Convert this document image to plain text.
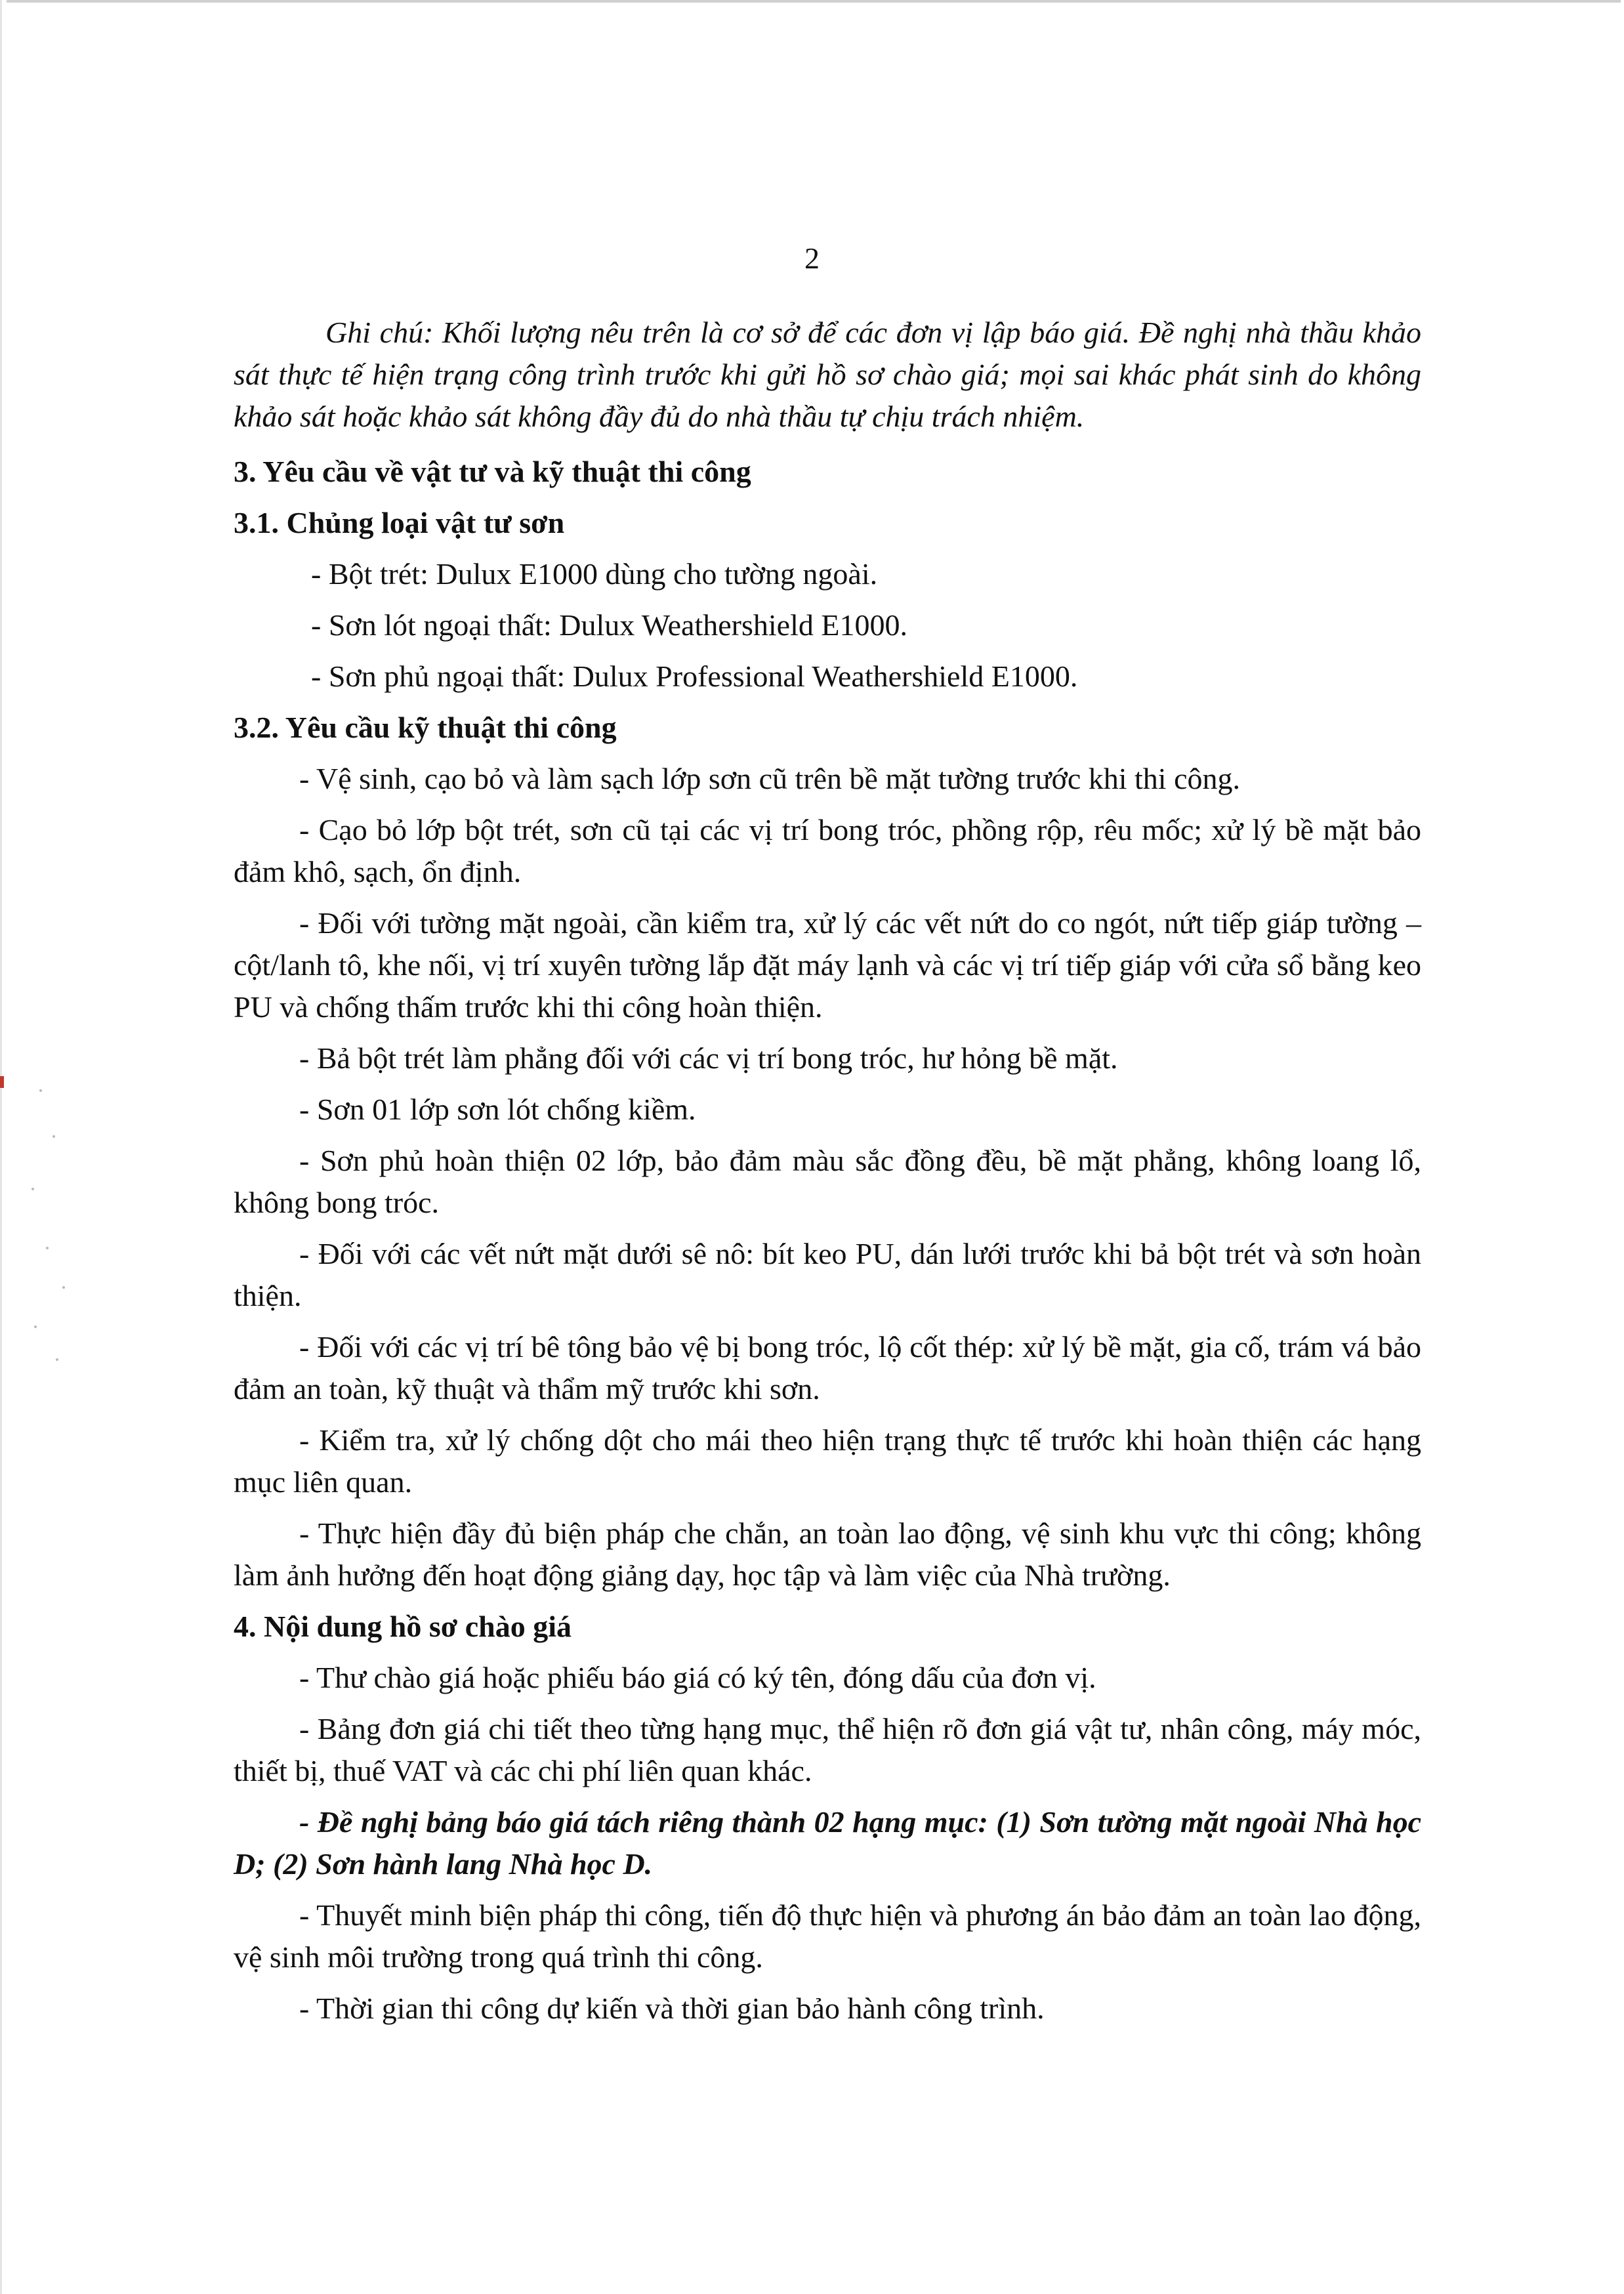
2

Ghi chú: Khối lượng nêu trên là cơ sở để các đơn vị lập báo giá. Đề nghị nhà thầu khảo sát thực tế hiện trạng công trình trước khi gửi hồ sơ chào giá; mọi sai khác phát sinh do không khảo sát hoặc khảo sát không đầy đủ do nhà thầu tự chịu trách nhiệm.

3. Yêu cầu về vật tư và kỹ thuật thi công

3.1. Chủng loại vật tư sơn

- Bột trét: Dulux E1000 dùng cho tường ngoài.

- Sơn lót ngoại thất: Dulux Weathershield E1000.

- Sơn phủ ngoại thất: Dulux Professional Weathershield E1000.

3.2. Yêu cầu kỹ thuật thi công

- Vệ sinh, cạo bỏ và làm sạch lớp sơn cũ trên bề mặt tường trước khi thi công.

- Cạo bỏ lớp bột trét, sơn cũ tại các vị trí bong tróc, phồng rộp, rêu mốc; xử lý bề mặt bảo đảm khô, sạch, ổn định.

- Đối với tường mặt ngoài, cần kiểm tra, xử lý các vết nứt do co ngót, nứt tiếp giáp tường – cột/lanh tô, khe nối, vị trí xuyên tường lắp đặt máy lạnh và các vị trí tiếp giáp với cửa sổ bằng keo PU và chống thấm trước khi thi công hoàn thiện.

- Bả bột trét làm phẳng đối với các vị trí bong tróc, hư hỏng bề mặt.

- Sơn 01 lớp sơn lót chống kiềm.

- Sơn phủ hoàn thiện 02 lớp, bảo đảm màu sắc đồng đều, bề mặt phẳng, không loang lổ, không bong tróc.

- Đối với các vết nứt mặt dưới sê nô: bít keo PU, dán lưới trước khi bả bột trét và sơn hoàn thiện.

- Đối với các vị trí bê tông bảo vệ bị bong tróc, lộ cốt thép: xử lý bề mặt, gia cố, trám vá bảo đảm an toàn, kỹ thuật và thẩm mỹ trước khi sơn.

- Kiểm tra, xử lý chống dột cho mái theo hiện trạng thực tế trước khi hoàn thiện các hạng mục liên quan.

- Thực hiện đầy đủ biện pháp che chắn, an toàn lao động, vệ sinh khu vực thi công; không làm ảnh hưởng đến hoạt động giảng dạy, học tập và làm việc của Nhà trường.

4. Nội dung hồ sơ chào giá

- Thư chào giá hoặc phiếu báo giá có ký tên, đóng dấu của đơn vị.

- Bảng đơn giá chi tiết theo từng hạng mục, thể hiện rõ đơn giá vật tư, nhân công, máy móc, thiết bị, thuế VAT và các chi phí liên quan khác.

- Đề nghị bảng báo giá tách riêng thành 02 hạng mục: (1) Sơn tường mặt ngoài Nhà học D; (2) Sơn hành lang Nhà học D.

- Thuyết minh biện pháp thi công, tiến độ thực hiện và phương án bảo đảm an toàn lao động, vệ sinh môi trường trong quá trình thi công.

- Thời gian thi công dự kiến và thời gian bảo hành công trình.
